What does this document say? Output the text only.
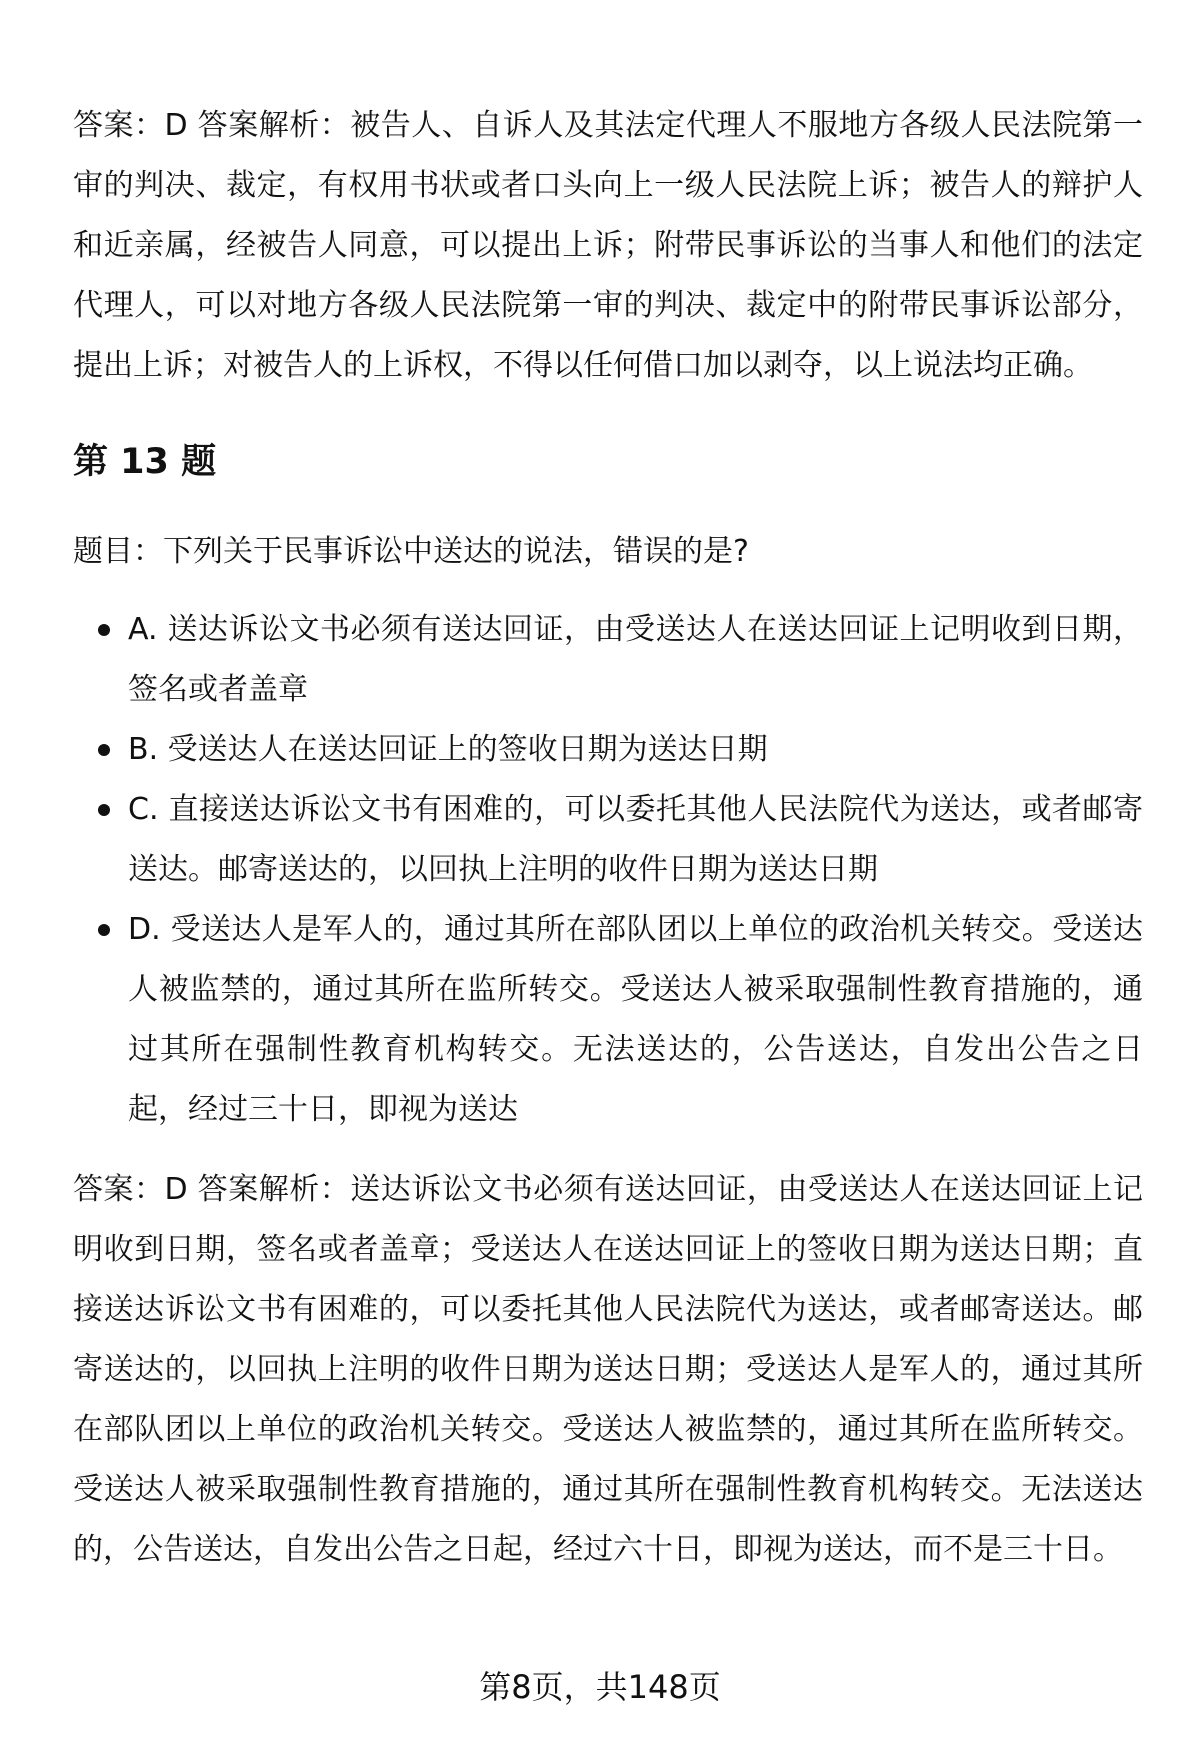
答案：D 答案解析：被告人、自诉人及其法定代理人不服地方各级人民法院第一审的判决、裁定，有权用书状或者口头向上一级人民法院上诉；被告人的辩护人和近亲属，经被告人同意，可以提出上诉；附带民事诉讼的当事人和他们的法定代理人，可以对地方各级人民法院第一审的判决、裁定中的附带民事诉讼部分，提出上诉；对被告人的上诉权，不得以任何借口加以剥夺，以上说法均正确。

第 13 题

题目：下列关于民事诉讼中送达的说法，错误的是?

A. 送达诉讼文书必须有送达回证，由受送达人在送达回证上记明收到日期，签名或者盖章
B. 受送达人在送达回证上的签收日期为送达日期
C. 直接送达诉讼文书有困难的，可以委托其他人民法院代为送达，或者邮寄送达。邮寄送达的，以回执上注明的收件日期为送达日期
D. 受送达人是军人的，通过其所在部队团以上单位的政治机关转交。受送达人被监禁的，通过其所在监所转交。受送达人被采取强制性教育措施的，通过其所在强制性教育机构转交。无法送达的，公告送达，自发出公告之日起，经过三十日，即视为送达

答案：D 答案解析：送达诉讼文书必须有送达回证，由受送达人在送达回证上记明收到日期，签名或者盖章；受送达人在送达回证上的签收日期为送达日期；直接送达诉讼文书有困难的，可以委托其他人民法院代为送达，或者邮寄送达。邮寄送达的，以回执上注明的收件日期为送达日期；受送达人是军人的，通过其所在部队团以上单位的政治机关转交。受送达人被监禁的，通过其所在监所转交。受送达人被采取强制性教育措施的，通过其所在强制性教育机构转交。无法送达的，公告送达，自发出公告之日起，经过六十日，即视为送达，而不是三十日。

第8页，共148页
